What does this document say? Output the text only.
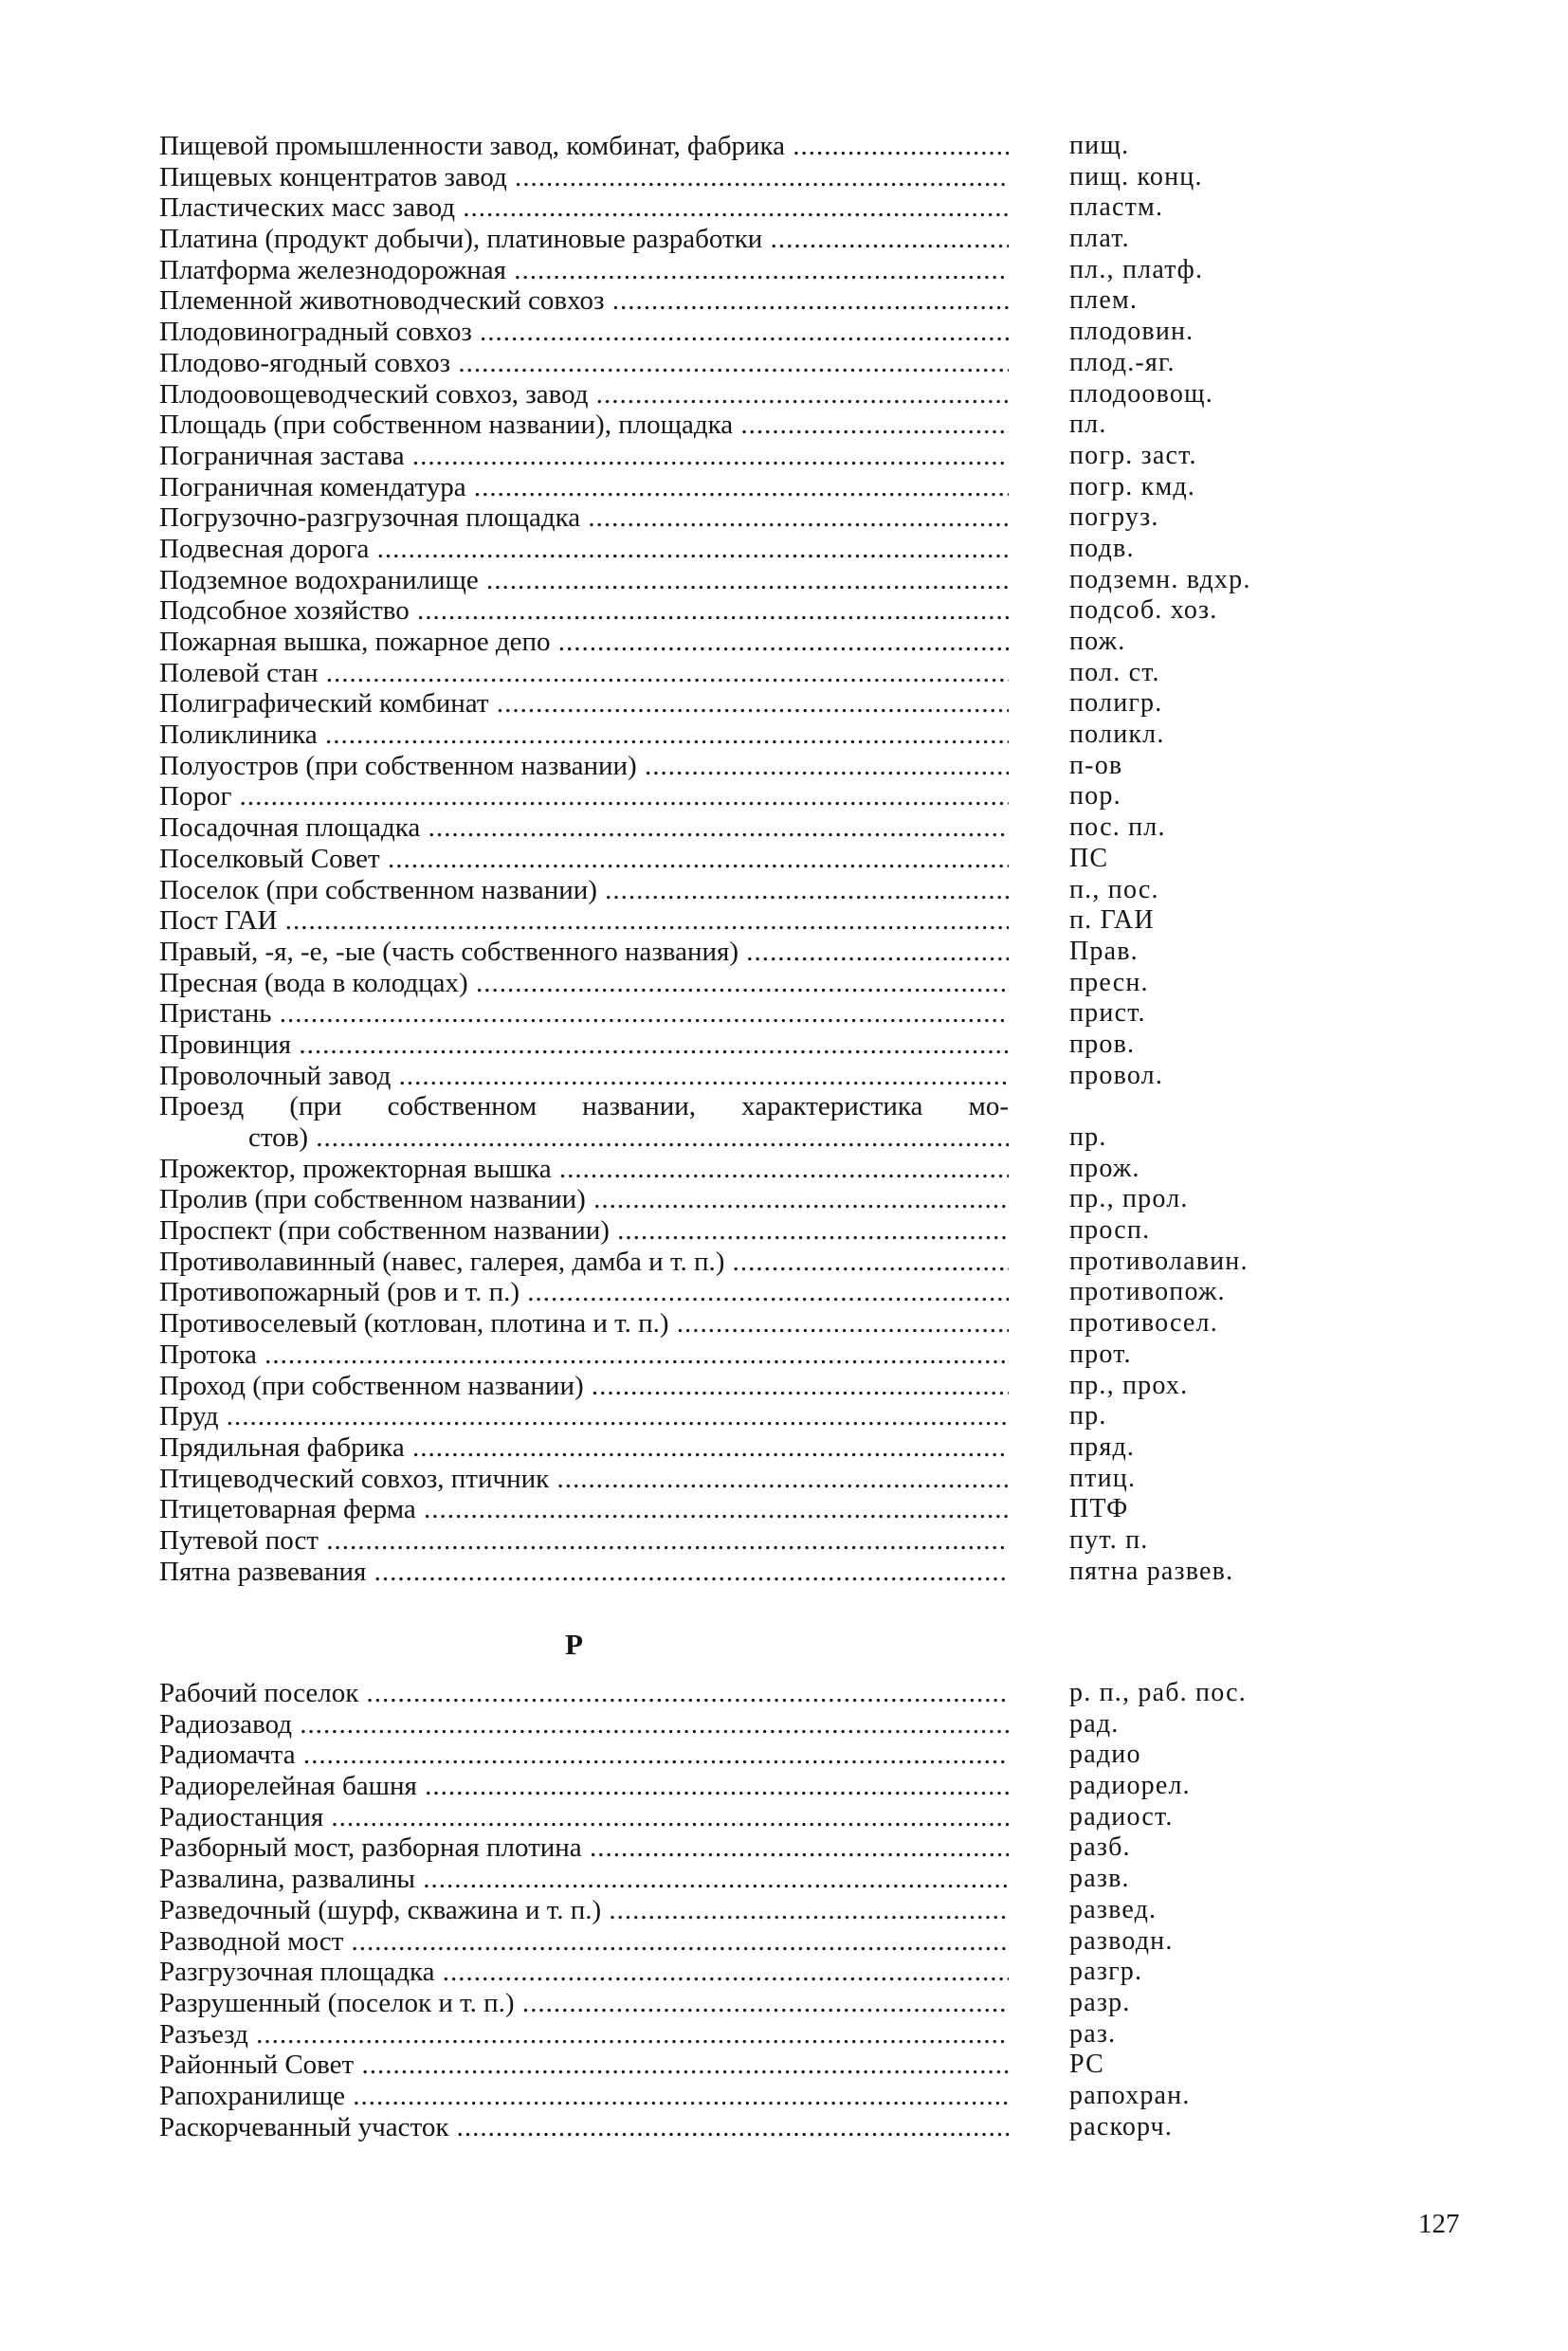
Пищевой промышленности завод, комбинат, фабрика .....	пищ.
Пищевых концентратов завод .....	пищ. конц.
Пластических масс завод .....	пластм.
Платина (продукт добычи), платиновые разработки .....	плат.
Платформа железнодорожная .....	пл., платф.
Племенной животноводческий совхоз .....	плем.
Плодовиноградный совхоз .....	плодовин.
Плодово-ягодный совхоз .....	плод.-яг.
Плодоовощеводческий совхоз, завод .....	плодоовощ.
Площадь (при собственном названии), площадка .....	пл.
Пограничная застава .....	погр. заст.
Пограничная комендатура .....	погр. кмд.
Погрузочно-разгрузочная площадка .....	погруз.
Подвесная дорога .....	подв.
Подземное водохранилище .....	подземн. вдхр.
Подсобное хозяйство .....	подсоб. хоз.
Пожарная вышка, пожарное депо .....	пож.
Полевой стан .....	пол. ст.
Полиграфический комбинат .....	полигр.
Поликлиника .....	поликл.
Полуостров (при собственном названии) .....	п-ов
Порог .....	пор.
Посадочная площадка .....	пос. пл.
Поселковый Совет .....	ПС
Поселок (при собственном названии) .....	п., пос.
Пост ГАИ .....	п. ГАИ
Правый, -я, -е, -ые (часть собственного названия) .....	Прав.
Пресная (вода в колодцах) .....	пресн.
Пристань .....	прист.
Провинция .....	пров.
Проволочный завод .....	провол.
Проезд (при собственном названии, характеристика мо-
стов) .....	пр.
Прожектор, прожекторная вышка .....	прож.
Пролив (при собственном названии) .....	пр., прол.
Проспект (при собственном названии) .....	просп.
Противолавинный (навес, галерея, дамба и т. п.) .....	противолавин.
Противопожарный (ров и т. п.) .....	противопож.
Противоселевый (котлован, плотина и т. п.) .....	противосел.
Протока .....	прот.
Проход (при собственном названии) .....	пр., прох.
Пруд .....	пр.
Прядильная фабрика .....	пряд.
Птицеводческий совхоз, птичник .....	птиц.
Птицетоварная ферма .....	ПТФ
Путевой пост .....	пут. п.
Пятна развевания .....	пятна развев.
Р
Рабочий поселок .....	р. п., раб. пос.
Радиозавод .....	рад.
Радиомачта .....	радио
Радиорелейная башня .....	радиорел.
Радиостанция .....	радиост.
Разборный мост, разборная плотина .....	разб.
Развалина, развалины .....	разв.
Разведочный (шурф, скважина и т. п.) .....	развед.
Разводной мост .....	разводн.
Разгрузочная площадка .....	разгр.
Разрушенный (поселок и т. п.) .....	разр.
Разъезд .....	раз.
Районный Совет .....	РС
Рапохранилище .....	рапохран.
Раскорчеванный участок .....	раскорч.
127
